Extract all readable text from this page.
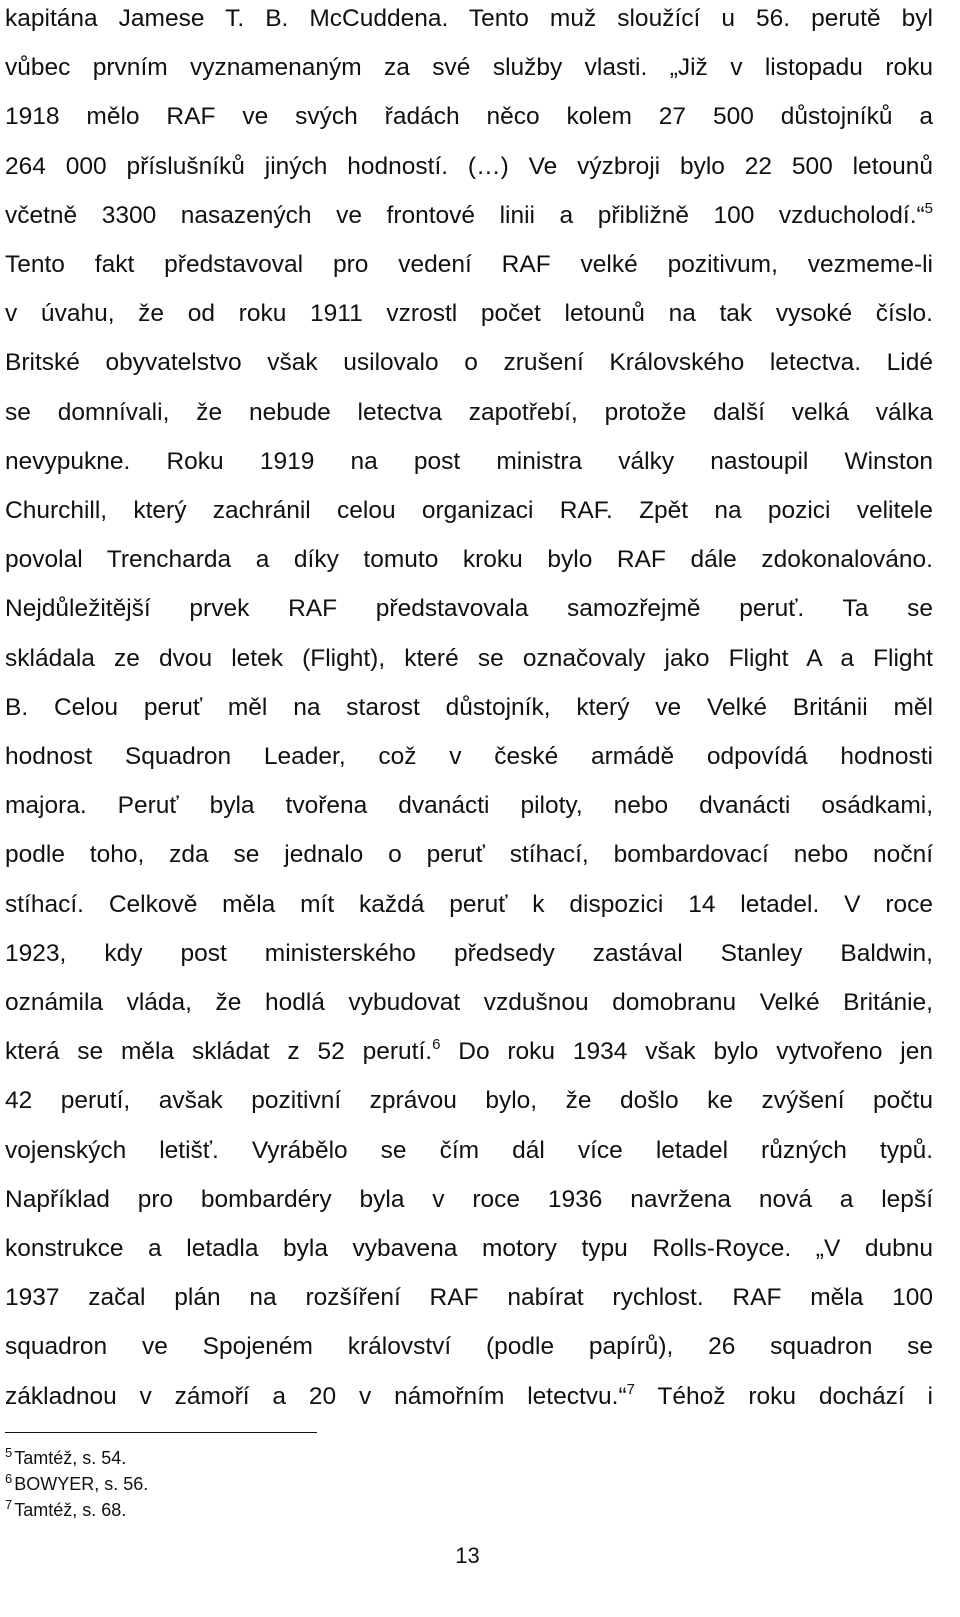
kapitána Jamese T. B. McCuddena. Tento muž sloužící u 56. perutě byl
vůbec prvním vyznamenaným za své služby vlasti. „Již v listopadu roku
1918 mělo RAF ve svých řadách něco kolem 27 500 důstojníků a
264 000 příslušníků jiných hodností. (…) Ve výzbroji bylo 22 500 letounů
včetně 3300 nasazených ve frontové linii a přibližně 100 vzducholodí.“$^5$
Tento fakt představoval pro vedení RAF velké pozitivum, vezmeme-li
v úvahu, že od roku 1911 vzrostl počet letounů na tak vysoké číslo.
Britské obyvatelstvo však usilovalo o zrušení Královského letectva. Lidé
se domnívali, že nebude letectva zapotřebí, protože další velká válka
nevypukne. Roku 1919 na post ministra války nastoupil Winston
Churchill, který zachránil celou organizaci RAF. Zpět na pozici velitele
povolal Trencharda a díky tomuto kroku bylo RAF dále zdokonalováno.
Nejdůležitější prvek RAF představovala samozřejmě peruť. Ta se
skládala ze dvou letek (Flight), které se označovaly jako Flight A a Flight
B. Celou peruť měl na starost důstojník, který ve Velké Británii měl
hodnost Squadron Leader, což v české armádě odpovídá hodnosti
majora. Peruť byla tvořena dvanácti piloty, nebo dvanácti osádkami,
podle toho, zda se jednalo o peruť stíhací, bombardovací nebo noční
stíhací. Celkově měla mít každá peruť k dispozici 14 letadel. V roce
1923, kdy post ministerského předsedy zastával Stanley Baldwin,
oznámila vláda, že hodlá vybudovat vzdušnou domobranu Velké Británie,
která se měla skládat z 52 perutí.$^6$ Do roku 1934 však bylo vytvořeno jen
42 perutí, avšak pozitivní zprávou bylo, že došlo ke zvýšení počtu
vojenských letišť. Vyrábělo se čím dál více letadel různých typů.
Například pro bombardéry byla v roce 1936 navržena nová a lepší
konstrukce a letadla byla vybavena motory typu Rolls-Royce. „V dubnu
1937 začal plán na rozšíření RAF nabírat rychlost. RAF měla 100
squadron ve Spojeném království (podle papírů), 26 squadron se
základnou v zámoří a 20 v námořním letectvu.“$^7$ Téhož roku dochází i
$^5$ Tamtéž, s. 54.
$^6$ BOWYER, s. 56.
$^7$ Tamtéž, s. 68.
13
